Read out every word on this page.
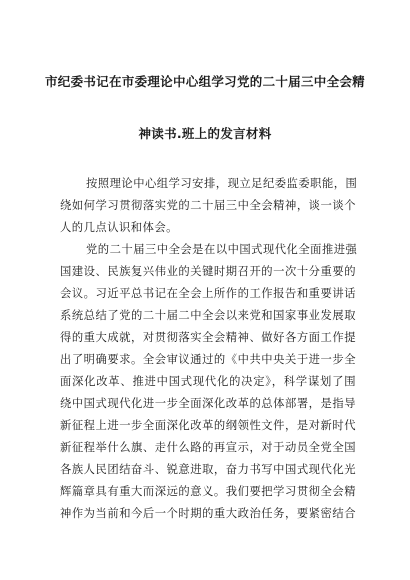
市纪委书记在市委理论中心组学习党的二十届三中全会精
神读书.班上的发言材料
按照理论中心组学习安排，现立足纪委监委职能，围
绕如何学习贯彻落实党的二十届三中全会精神，谈一谈个
人的几点认识和体会。
党的二十届三中全会是在以中国式现代化全面推进强
国建设、民族复兴伟业的关键时期召开的一次十分重要的
会议。习近平总书记在全会上所作的工作报告和重要讲话
系统总结了党的二十届二中全会以来党和国家事业发展取
得的重大成就，对贯彻落实全会精神、做好各方面工作提
出了明确要求。全会审议通过的《中共中央关于进一步全
面深化改革、推进中国式现代化的决定》，科学谋划了围
绕中国式现代化进一步全面深化改革的总体部署，是指导
新征程上进一步全面深化改革的纲领性文件，是对新时代
新征程举什么旗、走什么路的再宣示，对于动员全党全国
各族人民团结奋斗、锐意进取，奋力书写中国式现代化光
辉篇章具有重大而深远的意义。我们要把学习贯彻全会精
神作为当前和今后一个时期的重大政治任务，要紧密结合
